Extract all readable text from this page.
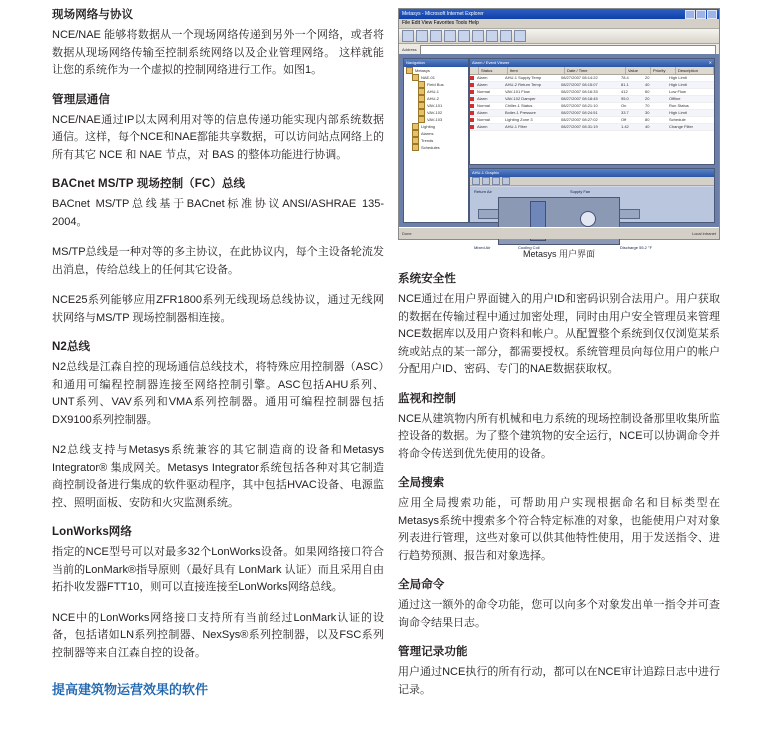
现场网络与协议

NCE/NAE 能够将数据从一个现场网络传递到另外一个网络，或者将数据从现场网络传输至控制系统网络以及企业管理网络。 这样就能让您的系统作为一个虚拟的控制网络进行工作。如图1。

管理层通信

NCE/NAE通过IP以太网利用对等的信息传递功能实现内部系统数据通信。这样，每个NCE和NAE都能共享数据，可以访问站点网络上的所有其它 NCE 和 NAE 节点，对 BAS 的整体功能进行协调。

BACnet MS/TP 现场控制（FC）总线

BACnet MS/TP总线基于BACnet标准协议ANSI/ASHRAE 135-2004。

MS/TP总线是一种对等的多主协议，在此协议内，每个主设备轮流发出消息，传给总线上的任何其它设备。

NCE25系列能够应用ZFR1800系列无线现场总线协议，通过无线网状网络与MS/TP 现场控制器相连接。

N2总线

N2总线是江森自控的现场通信总线技术，将特殊应用控制器（ASC）和通用可编程控制器连接至网络控制引擎。ASC包括AHU系列、UNT系列、VAV系列和VMA系列控制器。通用可编程控制器包括DX9100系列控制器。

N2总线支持与Metasys系统兼容的其它制造商的设备和Metasys Integrator® 集成网关。Metasys Integrator系统包括各种对其它制造商控制设备进行集成的软件驱动程序，其中包括HVAC设备、电源监控、照明面板、安防和火灾监测系统。

LonWorks网络

指定的NCE型号可以对最多32个LonWorks设备。如果网络接口符合当前的LonMark®指导原则（最好具有 LonMark 认证）而且采用自由拓扑收发器FTT10，则可以直接连接至LonWorks网络总线。

NCE中的LonWorks网络接口支持所有当前经过LonMark认证的设备，包括诸如LN系列控制器、NexSys®系列控制器，以及FSC系列控制器等来自江森自控的设备。

提高建筑物运营效果的软件
Metasys - Microsoft Internet Explorer
File Edit View Favorites Tools Help
Address
Navigation
Metasys
NAE-01
Field Bus
AHU-1
AHU-2
VAV-101
VAV-102
VAV-103
Lighting
Alarms
Trends
Schedules
Alarm / Event Viewer	✕
Status	Item	Date / Time	Value	Priority	Description
Alarm	AHU-1 Supply Temp	08/27/2007 08:14:22	78.4	20	High Limit
Alarm	AHU-2 Return Temp	08/27/2007 08:15:07	81.1	40	High Limit
Normal	VAV-101 Flow	08/27/2007 08:16:33	412	60	Low Flow
Alarm	VAV-102 Damper	08/27/2007 08:18:45	95.0	20	Offline
Normal	Chiller-1 Status	08/27/2007 08:21:10	On	70	Run Status
Alarm	Boiler-1 Pressure	08/27/2007 08:24:51	33.7	30	High Limit
Normal	Lighting Zone 3	08/27/2007 08:27:02	Off	80	Schedule
Alarm	AHU-1 Filter	08/27/2007 08:31:19	1.42	40	Change Filter
AHU-1 Graphic
Supply Fan
Cooling Coil
Return Air
Mixed Air	Discharge 55.2 °F
Done	Local intranet
Metasys 用户界面
系统安全性

NCE通过在用户界面键入的用户ID和密码识别合法用户。用户获取的数据在传输过程中通过加密处理，同时由用户安全管理员来管理NCE数据库以及用户资料和帐户。从配置整个系统到仅仅浏览某系统或站点的某一部分，都需要授权。系统管理员向每位用户的帐户分配用户ID、密码、专门的NAE数据获取权。

监视和控制

NCE从建筑物内所有机械和电力系统的现场控制设备那里收集所监控设备的数据。为了整个建筑物的安全运行，NCE可以协调命令并将命令传送到优先使用的设备。

全局搜索

应用全局搜索功能，可帮助用户实现根据命名和目标类型在Metasys系统中搜索多个符合特定标准的对象，也能使用户对对象列表进行管理，这些对象可以供其他特性使用，用于发送指令、进行趋势预测、报告和对象选择。

全局命令

通过这一额外的命令功能，您可以向多个对象发出单一指令并可查询命令结果日志。

管理记录功能

用户通过NCE执行的所有行动，都可以在NCE审计追踪日志中进行记录。
